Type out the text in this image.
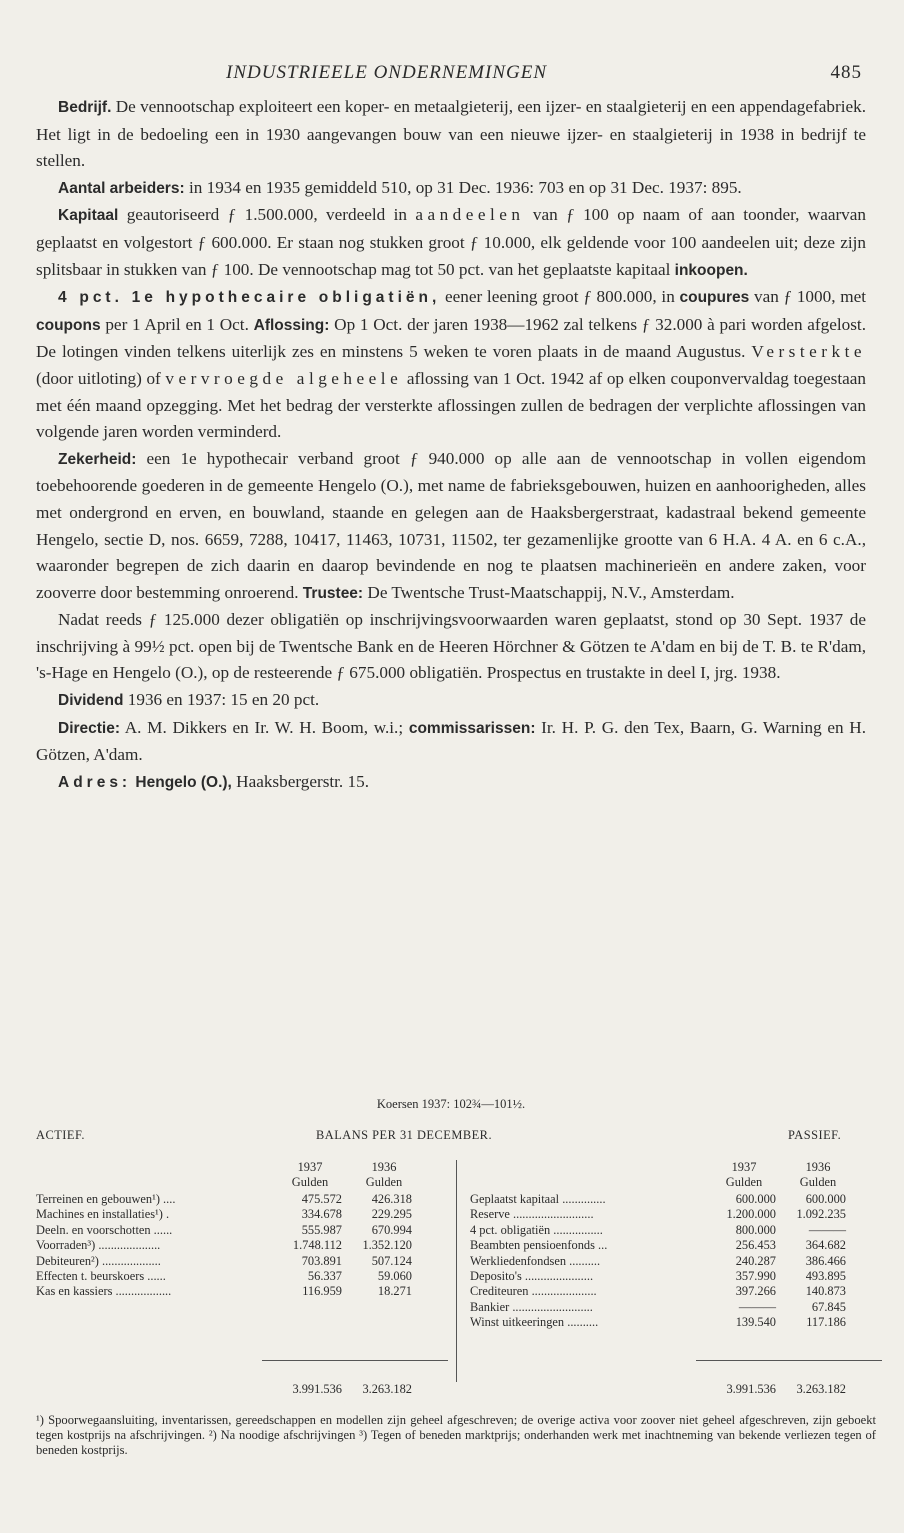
INDUSTRIEELE ONDERNEMINGEN	485

Bedrijf. De vennootschap exploiteert een koper- en metaalgieterij, een ijzer- en staalgieterij en een appendagefabriek. Het ligt in de bedoeling een in 1930 aangevangen bouw van een nieuwe ijzer- en staalgieterij in 1938 in bedrijf te stellen.

Aantal arbeiders: in 1934 en 1935 gemiddeld 510, op 31 Dec. 1936: 703 en op 31 Dec. 1937: 895.

Kapitaal geautoriseerd ƒ 1.500.000, verdeeld in aandeelen van ƒ 100 op naam of aan toonder, waarvan geplaatst en volgestort ƒ 600.000. Er staan nog stukken groot ƒ 10.000, elk geldende voor 100 aandeelen uit; deze zijn splitsbaar in stukken van ƒ 100. De vennootschap mag tot 50 pct. van het geplaatste kapitaal inkoopen.

4 pct. 1e hypothecaire obligatiën, eener leening groot ƒ 800.000, in coupures van ƒ 1000, met coupons per 1 April en 1 Oct. Aflossing: Op 1 Oct. der jaren 1938—1962 zal telkens ƒ 32.000 à pari worden afgelost. De lotingen vinden telkens uiterlijk zes en minstens 5 weken te voren plaats in de maand Augustus. Versterkte (door uitloting) of vervroegde algeheele aflossing van 1 Oct. 1942 af op elken couponvervaldag toegestaan met één maand opzegging. Met het bedrag der versterkte aflossingen zullen de bedragen der verplichte aflossingen van volgende jaren worden verminderd.

Zekerheid: een 1e hypothecair verband groot ƒ 940.000 op alle aan de vennootschap in vollen eigendom toebehoorende goederen in de gemeente Hengelo (O.), met name de fabrieksgebouwen, huizen en aanhoorigheden, alles met ondergrond en erven, en bouwland, staande en gelegen aan de Haaksbergerstraat, kadastraal bekend gemeente Hengelo, sectie D, nos. 6659, 7288, 10417, 11463, 10731, 11502, ter gezamenlijke grootte van 6 H.A. 4 A. en 6 c.A., waaronder begrepen de zich daarin en daarop bevindende en nog te plaatsen machinerieën en andere zaken, voor zooverre door bestemming onroerend. Trustee: De Twentsche Trust-Maatschappij, N.V., Amsterdam.

Nadat reeds ƒ 125.000 dezer obligatiën op inschrijvingsvoorwaarden waren geplaatst, stond op 30 Sept. 1937 de inschrijving à 99½ pct. open bij de Twentsche Bank en de Heeren Hörchner & Götzen te A'dam en bij de T. B. te R'dam, 's-Hage en Hengelo (O.), op de resteerende ƒ 675.000 obligatiën. Prospectus en trustakte in deel I, jrg. 1938.

Dividend 1936 en 1937: 15 en 20 pct.

Directie: A. M. Dikkers en Ir. W. H. Boom, w.i.; commissarissen: Ir. H. P. G. den Tex, Baarn, G. Warning en H. Götzen, A'dam.

Adres: Hengelo (O.), Haaksbergerstr. 15.

Koersen 1937: 102¾—101½.
ACTIEF.	BALANS PER 31 DECEMBER.	PASSIEF.
1937	1936
Gulden	Gulden
Terreinen en gebouwen¹) ....	475.572	426.318
Machines en installaties¹) .	334.678	229.295
Deeln. en voorschotten ......	555.987	670.994
Voorraden³) ....................	1.748.112	1.352.120
Debiteuren²) ...................	703.891	507.124
Effecten t. beurskoers ......	56.337	59.060
Kas en kassiers ..................	116.959	18.271
1937	1936
Gulden	Gulden
Geplaatst kapitaal ..............	600.000	600.000
Reserve ..........................	1.200.000	1.092.235
4 pct. obligatiën ................	800.000	———
Beambten pensioenfonds ...	256.453	364.682
Werkliedenfondsen ..........	240.287	386.466
Deposito's ......................	357.990	493.895
Crediteuren .....................	397.266	140.873
Bankier ..........................	———	67.845
Winst uitkeeringen ..........	139.540	117.186
3.991.536	3.263.182	3.991.536	3.263.182
¹) Spoorwegaansluiting, inventarissen, gereedschappen en modellen zijn geheel afgeschreven; de overige activa voor zoover niet geheel afgeschreven, zijn geboekt tegen kostprijs na afschrijvingen. ²) Na noodige afschrijvingen ³) Tegen of beneden marktprijs; onderhanden werk met inachtneming van bekende verliezen tegen of beneden kostprijs.
